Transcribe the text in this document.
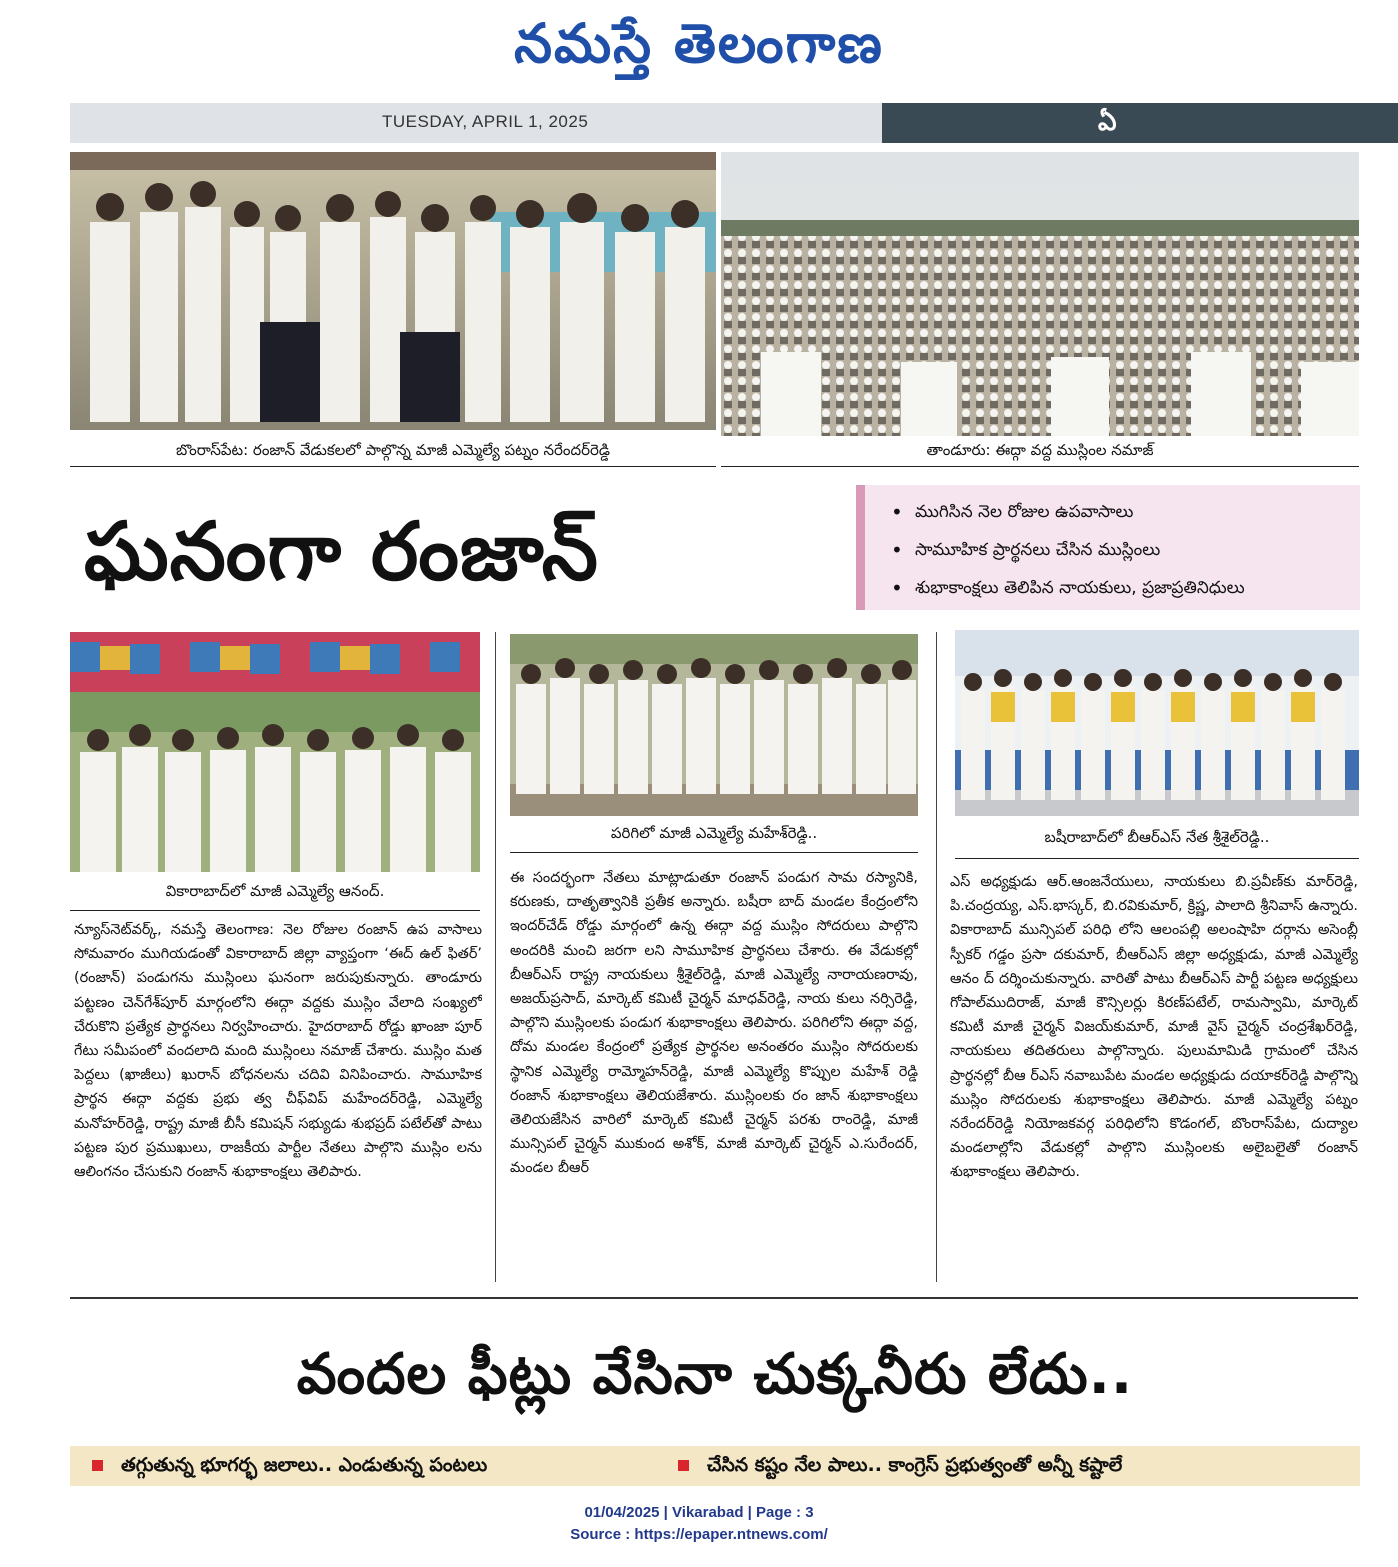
నమస్తే తెలంగాణ
TUESDAY, APRIL 1, 2025	ఏ
బొంరాస్‌పేట: రంజాన్ వేడుకలలో పాల్గొన్న మాజీ ఎమ్మెల్యే పట్నం నరేందర్‌రెడ్డి	తాండూరు: ఈద్గా వద్ద ముస్లింల నమాజ్
ఘనంగా రంజాన్
•	ముగిసిన నెల రోజుల ఉపవాసాలు
• సామూహిక ప్రార్థనలు చేసిన ముస్లింలు
• శుభాకాంక్షలు తెలిపిన నాయకులు, ప్రజాప్రతినిధులు
వికారాబాద్‌లో మాజీ ఎమ్మెల్యే ఆనంద్.
పరిగిలో మాజీ ఎమ్మెల్యే మహేశ్‌రెడ్డి..	బషీరాబాద్‌లో బీఆర్‌ఎస్ నేత శ్రీశైల్‌రెడ్డి..
న్యూస్‌నెట్‌వర్క్, నమస్తే తెలంగాణ: నెల రోజుల రంజాన్ ఉప వాసాలు సోమవారం ముగియడంతో వికారాబాద్ జిల్లా వ్యాప్తంగా ‘ఈద్ ఉల్ ఫితర్’ (రంజాన్) పండుగను ముస్లింలు ఘనంగా జరుపుకున్నారు. తాండూరు పట్టణం చెన్‌గేశ్‌పూర్ మార్గంలోని ఈద్గా వద్దకు ముస్లిం వేలాది సంఖ్యలో చేరుకొని ప్రత్యేక ప్రార్థనలు నిర్వహించారు. హైదరాబాద్ రోడ్డు ఖాంజా పూర్ గేటు సమీపంలో వందలాది మంది ముస్లింలు నమాజ్ చేశారు. ముస్లిం మత పెద్దలు (ఖాజీలు) ఖురాన్ బోధనలను చదివి వినిపించారు. సామూహిక ప్రార్థన ఈద్గా వద్దకు ప్రభు త్వ చీఫ్‌విప్ మహేందర్‌రెడ్డి, ఎమ్మెల్యే మనోహర్‌రెడ్డి, రాష్ట్ర మాజీ బీసీ కమిషన్ సభ్యుడు శుభప్రద్ పటేల్‌తో పాటు పట్టణ పుర ప్రముఖులు, రాజకీయ పార్టీల నేతలు పాల్గొని ముస్లిం లను ఆలింగనం చేసుకుని రంజాన్ శుభాకాంక్షలు తెలిపారు.
ఈ సందర్భంగా నేతలు మాట్లాడుతూ రంజాన్ పండుగ సామ రస్యానికి, కరుణకు, దాతృత్వానికి ప్రతీక అన్నారు. బషీరా బాద్ మండల కేంద్రంలోని ఇందర్‌చేడ్ రోడ్డు మార్గంలో ఉన్న ఈద్గా వద్ద ముస్లిం సోదరులు పాల్గొని అందరికి మంచి జరగా లని సామూహిక ప్రార్థనలు చేశారు. ఈ వేడుకల్లో బీఆర్‌ఎస్ రాష్ట్ర నాయకులు శ్రీశైల్‌రెడ్డి, మాజీ ఎమ్మెల్యే నారాయణరావు, అజయ్‌ప్రసాద్, మార్కెట్ కమిటీ చైర్మన్ మాధవ్‌రెడ్డి, నాయ కులు నర్సిరెడ్డి, పాల్గొని ముస్లింలకు పండుగ శుభాకాంక్షలు తెలిపారు. పరిగిలోని ఈద్గా వద్ద, దోమ మండల కేంద్రంలో ప్రత్యేక ప్రార్థనల అనంతరం ముస్లిం సోదరులకు స్థానిక ఎమ్మెల్యే రామ్మోహన్‌రెడ్డి, మాజీ ఎమ్మెల్యే కొప్పుల మహేశ్ రెడ్డి రంజాన్ శుభాకాంక్షలు తెలియజేశారు. ముస్లింలకు రం జాన్ శుభాకాంక్షలు తెలియజేసిన వారిలో మార్కెట్ కమిటీ చైర్మన్ పరశు రాంరెడ్డి, మాజీ మున్సిపల్ చైర్మన్ ముకుంద అశోక్, మాజీ మార్కెట్ చైర్మన్ ఎ.సురేందర్, మండల బీఆర్
ఎస్ అధ్యక్షుడు ఆర్.ఆంజనేయులు, నాయకులు బి.ప్రవీణ్‌కు మార్‌రెడ్డి, పి.చంద్రయ్య, ఎస్.భాస్కర్, బి.రవికుమార్, క్రిష్ణ, పాలాది శ్రీనివాస్ ఉన్నారు. వికారాబాద్ మున్సిపల్ పరిధి లోని ఆలంపల్లి అలంషాహి దర్గాను అసెంబ్లీ స్పీకర్ గడ్డం ప్రసా దకుమార్, బీఆర్‌ఎస్ జిల్లా అధ్యక్షుడు, మాజీ ఎమ్మెల్యే ఆనం ద్ దర్శించుకున్నారు. వారితో పాటు బీఆర్‌ఎస్ పార్టీ పట్టణ అధ్యక్షులు గోపాల్‌ముదిరాజ్, మాజీ కౌన్సిలర్లు కిరణ్‌పటేల్, రామస్వామి, మార్కెట్ కమిటీ మాజీ చైర్మన్ విజయ్‌కుమార్, మాజీ వైస్ చైర్మన్ చంద్రశేఖర్‌రెడ్డి, నాయకులు తదితరులు పాల్గొన్నారు. పులుమామిడి గ్రామంలో చేసిన ప్రార్థనల్లో బీఆ ర్‌ఎస్ నవాబుపేట మండల అధ్యక్షుడు దయాకర్‌రెడ్డి పాల్గొన్ని ముస్లిం సోదరులకు శుభాకాంక్షలు తెలిపారు. మాజీ ఎమ్మెల్యే పట్నం నరేందర్‌రెడ్డి నియోజకవర్గ పరిధిలోని కొడంగల్, బొంరాస్‌పేట, దుద్యాల మండలాల్లోని వేడుకల్లో పాల్గొని ముస్లింలకు అలైబలైతో రంజాన్ శుభాకాంక్షలు తెలిపారు.
వందల ఫీట్లు వేసినా చుక్కనీరు లేదు..
తగ్గుతున్న భూగర్భ జలాలు.. ఎండుతున్న పంటలు	చేసిన కష్టం నేల పాలు.. కాంగ్రెస్ ప్రభుత్వంతో అన్నీ కష్టాలే
01/04/2025 | Vikarabad | Page : 3
Source : https://epaper.ntnews.com/
